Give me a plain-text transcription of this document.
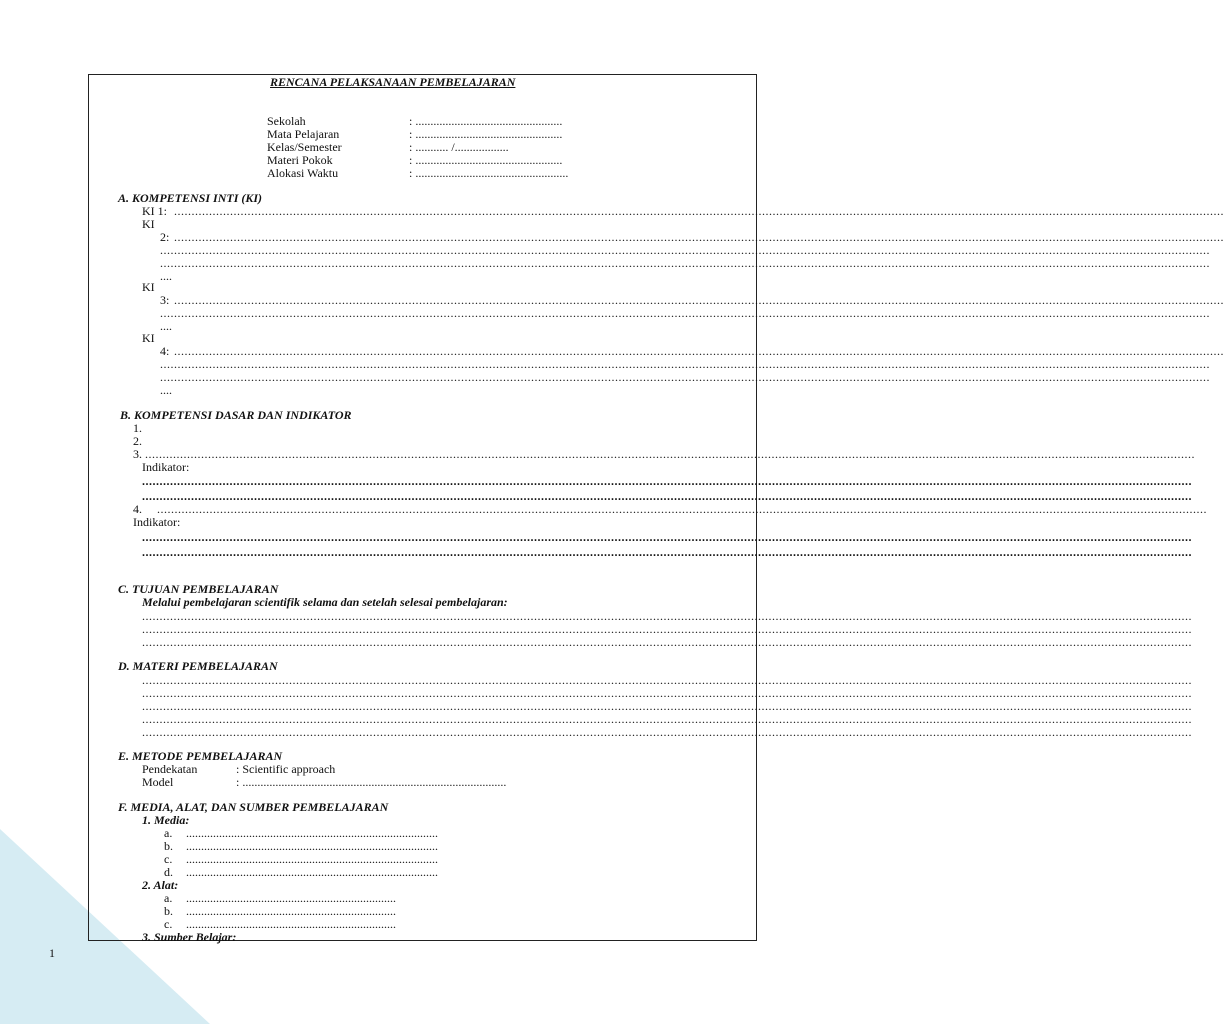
1
RENCANA PELAKSANAAN PEMBELAJARAN
Sekolah	: .................................................
Mata Pelajaran	: .................................................
Kelas/Semester	: ........... /..................
Materi Pokok	: .................................................
Alokasi Waktu	: ...................................................
A. KOMPETENSI INTI (KI)
KI 1: ............................................................................................................................................................................................................................................................................................................
KI
2: ............................................................................................................................................................................................................................................................................................................
............................................................................................................................................................................................................................................................................................................
............................................................................................................................................................................................................................................................................................................
....
KI
3: ............................................................................................................................................................................................................................................................................................................
............................................................................................................................................................................................................................................................................................................
....
KI
4: ............................................................................................................................................................................................................................................................................................................
............................................................................................................................................................................................................................................................................................................
............................................................................................................................................................................................................................................................................................................
....
B. KOMPETENSI DASAR DAN INDIKATOR
1.
2.
3. ............................................................................................................................................................................................................................................................................................................
Indikator:
............................................................................................................................................................................................................................................................................................................
............................................................................................................................................................................................................................................................................................................
4. ............................................................................................................................................................................................................................................................................................................
Indikator:
............................................................................................................................................................................................................................................................................................................
............................................................................................................................................................................................................................................................................................................
C. TUJUAN PEMBELAJARAN
Melalui pembelajaran scientifik selama dan setelah selesai pembelajaran:
............................................................................................................................................................................................................................................................................................................
............................................................................................................................................................................................................................................................................................................
............................................................................................................................................................................................................................................................................................................
D. MATERI PEMBELAJARAN
............................................................................................................................................................................................................................................................................................................
............................................................................................................................................................................................................................................................................................................
............................................................................................................................................................................................................................................................................................................
............................................................................................................................................................................................................................................................................................................
............................................................................................................................................................................................................................................................................................................
E. METODE PEMBELAJARAN
Pendekatan	: Scientific approach
Model	: ........................................................................................
F. MEDIA, ALAT, DAN SUMBER PEMBELAJARAN
1. Media:
a. ....................................................................................
b. ....................................................................................
c. ....................................................................................
d. ....................................................................................
2. Alat:
a. ......................................................................
b. ......................................................................
c. ......................................................................
3. Sumber Belajar:
